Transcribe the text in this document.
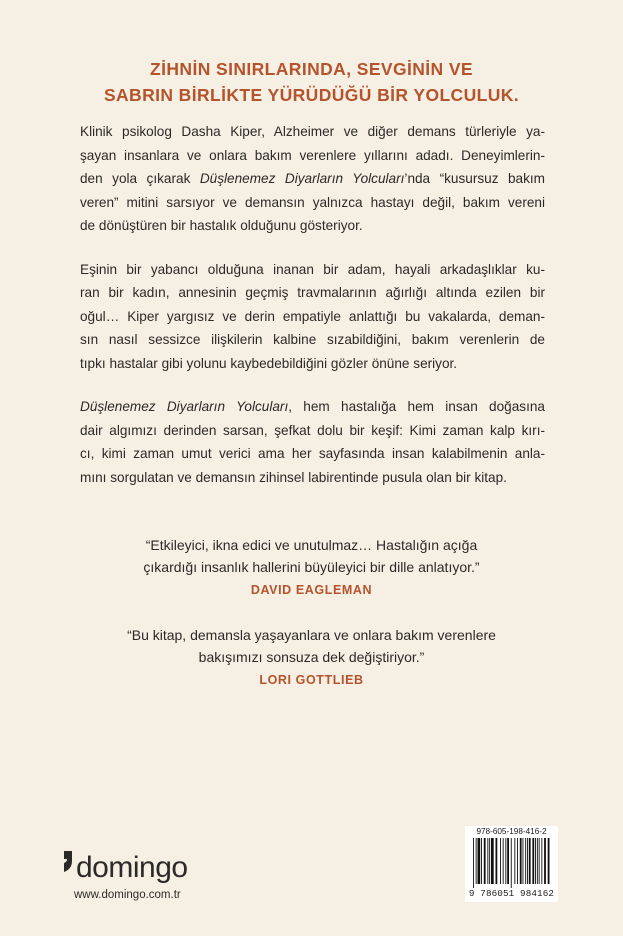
ZİHNİN SINIRLARINDA, SEVGİNİN VE
SABRIN BİRLİKTE YÜRÜDÜĞÜ BİR YOLCULUK.

Klinik psikolog Dasha Kiper, Alzheimer ve diğer demans türleriyle ya-
şayan insanlara ve onlara bakım verenlere yıllarını adadı. Deneyimlerin-
den yola çıkarak Düşlenemez Diyarların Yolcuları’nda “kusursuz bakım
veren” mitini sarsıyor ve demansın yalnızca hastayı değil, bakım vereni
de dönüştüren bir hastalık olduğunu gösteriyor.

Eşinin bir yabancı olduğuna inanan bir adam, hayali arkadaşlıklar ku-
ran bir kadın, annesinin geçmiş travmalarının ağırlığı altında ezilen bir
oğul… Kiper yargısız ve derin empatiyle anlattığı bu vakalarda, deman-
sın nasıl sessizce ilişkilerin kalbine sızabildiğini, bakım verenlerin de
tıpkı hastalar gibi yolunu kaybedebildiğini gözler önüne seriyor.

Düşlenemez Diyarların Yolcuları, hem hastalığa hem insan doğasına
dair algımızı derinden sarsan, şefkat dolu bir keşif: Kimi zaman kalp kırı-
cı, kimi zaman umut verici ama her sayfasında insan kalabilmenin anla-
mını sorgulatan ve demansın zihinsel labirentinde pusula olan bir kitap.

“Etkileyici, ikna edici ve unutulmaz… Hastalığın açığa
çıkardığı insanlık hallerini büyüleyici bir dille anlatıyor.”
DAVID EAGLEMAN
“Bu kitap, demansla yaşayanlara ve onlara bakım verenlere
bakışımızı sonsuza dek değiştiriyor.”
LORI GOTTLIEB
domingo
www.domingo.com.tr
978-605-198-416-2
9 786051 984162
